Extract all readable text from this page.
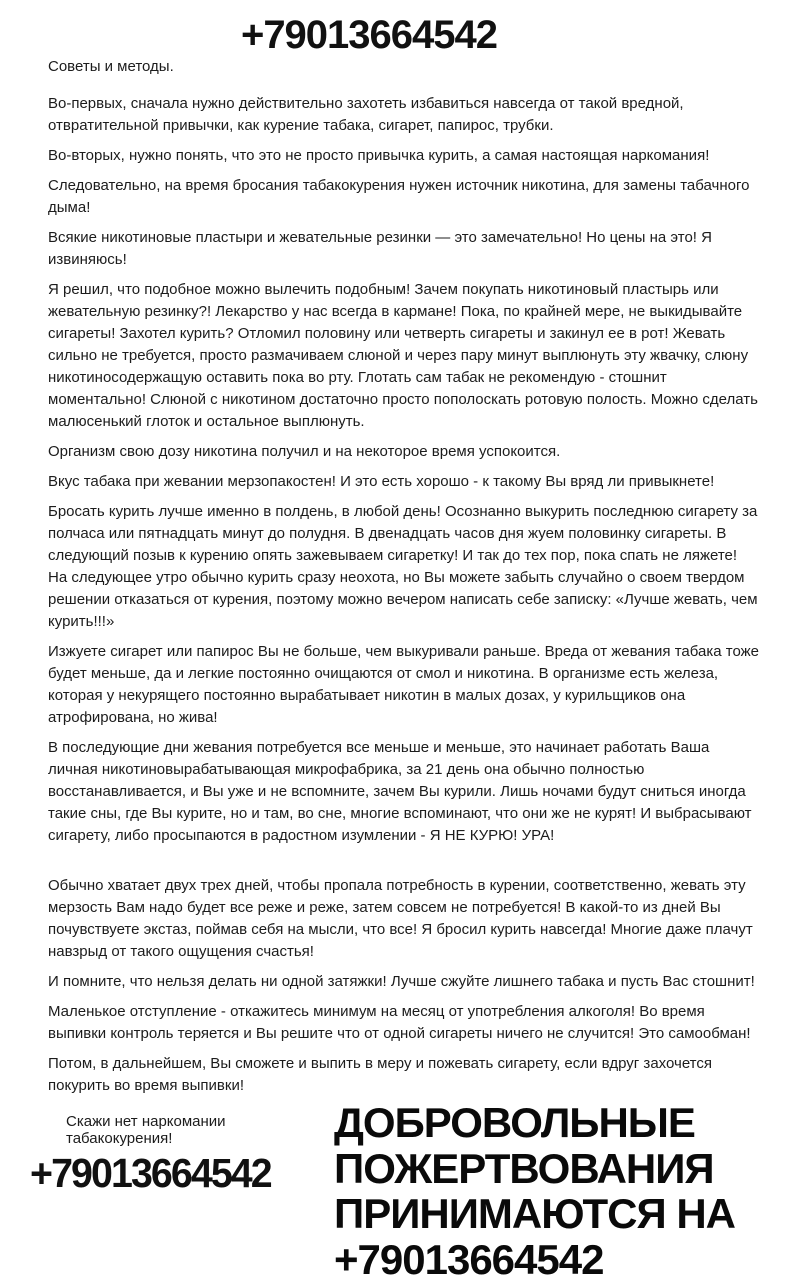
+79013664542
Советы и методы.

Во-первых, сначала нужно действительно захотеть избавиться навсегда от такой вредной, отвратительной привычки, как курение табака, сигарет, папирос, трубки.

Во-вторых, нужно понять, что это не просто привычка курить, а самая настоящая наркомания!

Следовательно, на время бросания табакокурения нужен источник никотина, для замены табачного дыма!

Всякие никотиновые пластыри и жевательные резинки — это замечательно! Но цены на это! Я извиняюсь!

Я решил, что подобное можно вылечить подобным! Зачем покупать никотиновый пластырь или жевательную резинку?! Лекарство у нас всегда в кармане! Пока, по крайней мере, не выкидывайте сигареты! Захотел курить? Отломил половину или четверть сигареты и закинул ее в рот! Жевать сильно не требуется, просто размачиваем слюной и через пару минут выплюнуть эту жвачку, слюну никотиносодержащую оставить пока во рту. Глотать сам табак не рекомендую - стошнит моментально! Слюной с никотином достаточно просто пополоскать ротовую полость. Можно сделать малюсенький глоток и остальное выплюнуть.

Организм свою дозу никотина получил и на некоторое время успокоится.

Вкус табака при жевании мерзопакостен! И это есть хорошо - к такому Вы вряд ли привыкнете!

Бросать курить лучше именно в полдень, в любой день! Осознанно выкурить последнюю сигарету за полчаса или пятнадцать минут до полудня. В двенадцать часов дня жуем половинку сигареты. В следующий позыв к курению опять зажевываем сигаретку! И так до тех пор, пока спать не ляжете! На следующее утро обычно курить сразу неохота, но Вы можете забыть случайно о своем твердом решении отказаться от курения, поэтому можно вечером написать себе записку: «Лучше жевать, чем курить!!!»

Изжуете сигарет или папирос Вы не больше, чем выкуривали раньше. Вреда от жевания табака тоже будет меньше, да и легкие постоянно очищаются от смол и никотина. В организме есть железа, которая у некурящего постоянно вырабатывает никотин в малых дозах, у курильщиков она атрофирована, но жива!

В последующие дни жевания потребуется все меньше и меньше, это начинает работать Ваша личная никотиновырабатывающая микрофабрика, за 21 день она обычно полностью восстанавливается, и Вы уже и не вспомните, зачем Вы курили. Лишь ночами будут сниться иногда такие сны, где Вы курите, но и там, во сне, многие вспоминают, что они же не курят! И выбрасывают сигарету, либо просыпаются в радостном изумлении - Я НЕ КУРЮ! УРА!

Обычно хватает двух трех дней, чтобы пропала потребность в курении, соответственно, жевать эту мерзость Вам надо будет все реже и реже, затем совсем не потребуется! В какой-то из дней Вы почувствуете экстаз, поймав себя на мысли, что все! Я бросил курить навсегда! Многие даже плачут навзрыд от такого ощущения счастья!

И помните, что нельзя делать ни одной затяжки! Лучше сжуйте лишнего табака и пусть Вас стошнит!

Маленькое отступление - откажитесь минимум на месяц от употребления алкоголя! Во время выпивки контроль теряется и Вы решите что от одной сигареты ничего не случится! Это самообман!

Потом, в дальнейшем, Вы сможете и выпить в меру и пожевать сигарету, если вдруг захочется покурить во время выпивки!

Скажи нет наркомании табакокурения!

+79013664542
ДОБРОВОЛЬНЫЕ
ПОЖЕРТВОВАНИЯ
ПРИНИМАЮТСЯ НА
+79013664542
